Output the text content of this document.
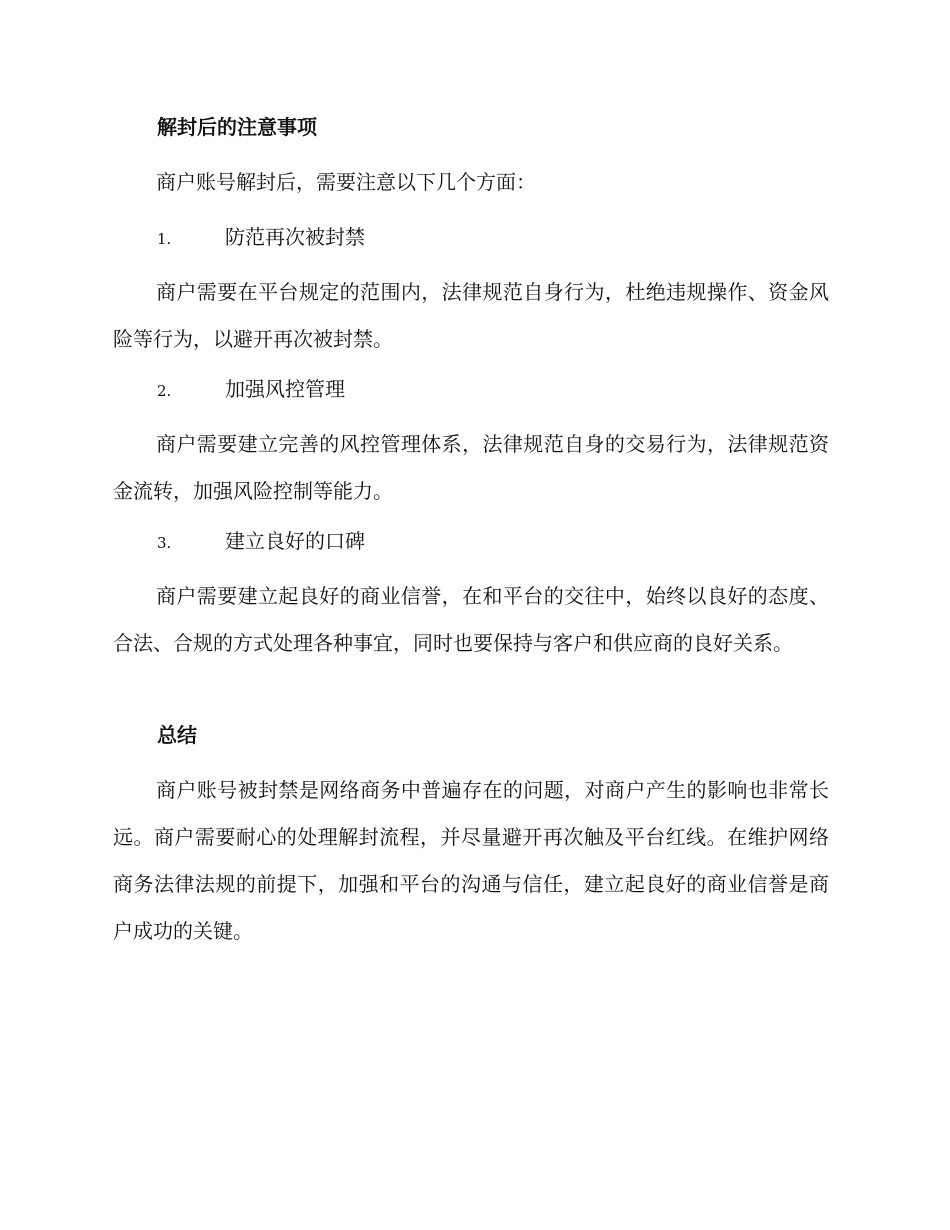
解封后的注意事项

商户账号解封后，需要注意以下几个方面：

1.	防范再次被封禁

商户需要在平台规定的范围内，法律规范自身行为，杜绝违规操作、资金风险等行为，以避开再次被封禁。

2.	加强风控管理

商户需要建立完善的风控管理体系，法律规范自身的交易行为，法律规范资金流转，加强风险控制等能力。

3.	建立良好的口碑

商户需要建立起良好的商业信誉，在和平台的交往中，始终以良好的态度、合法、合规的方式处理各种事宜，同时也要保持与客户和供应商的良好关系。

总结

商户账号被封禁是网络商务中普遍存在的问题，对商户产生的影响也非常长远。商户需要耐心的处理解封流程，并尽量避开再次触及平台红线。在维护网络商务法律法规的前提下，加强和平台的沟通与信任，建立起良好的商业信誉是商户成功的关键。
